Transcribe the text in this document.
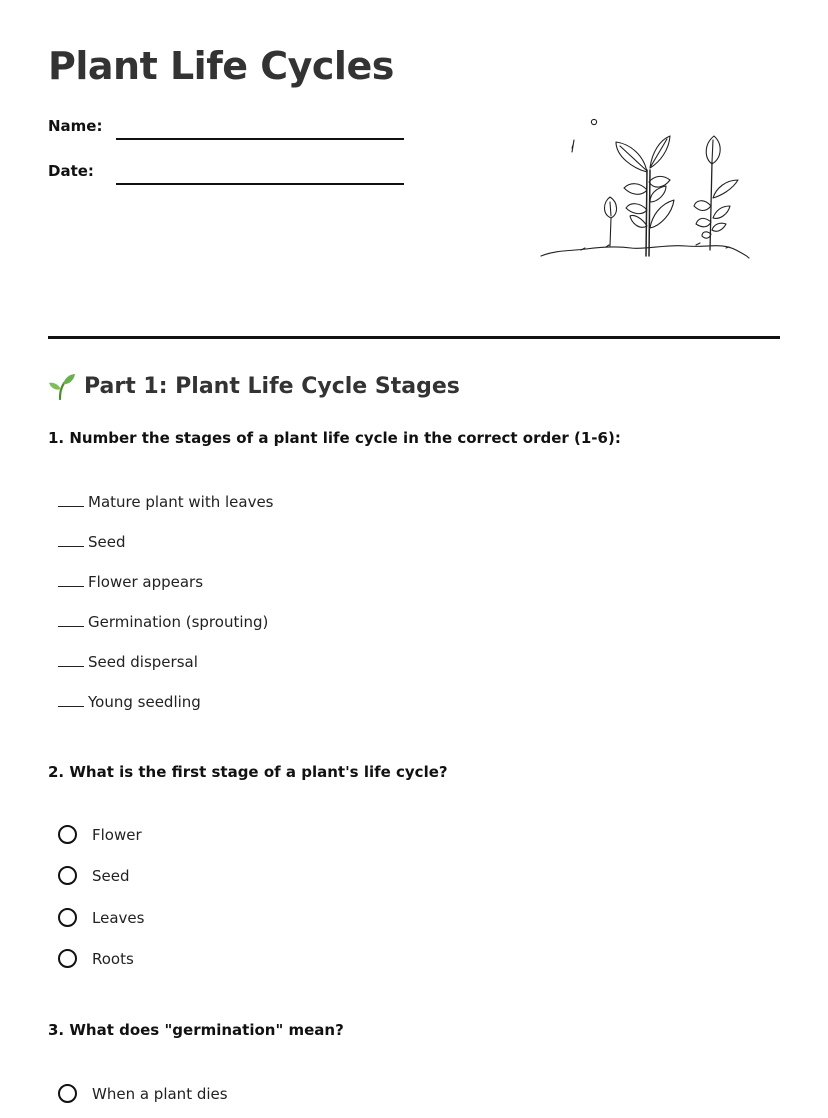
Plant Life Cycles
Name:
Date:
Part 1: Plant Life Cycle Stages
1. Number the stages of a plant life cycle in the correct order (1-6):
Mature plant with leaves
Seed
Flower appears
Germination (sprouting)
Seed dispersal
Young seedling
2. What is the first stage of a plant's life cycle?
Flower
Seed
Leaves
Roots
3. What does "germination" mean?
When a plant dies
